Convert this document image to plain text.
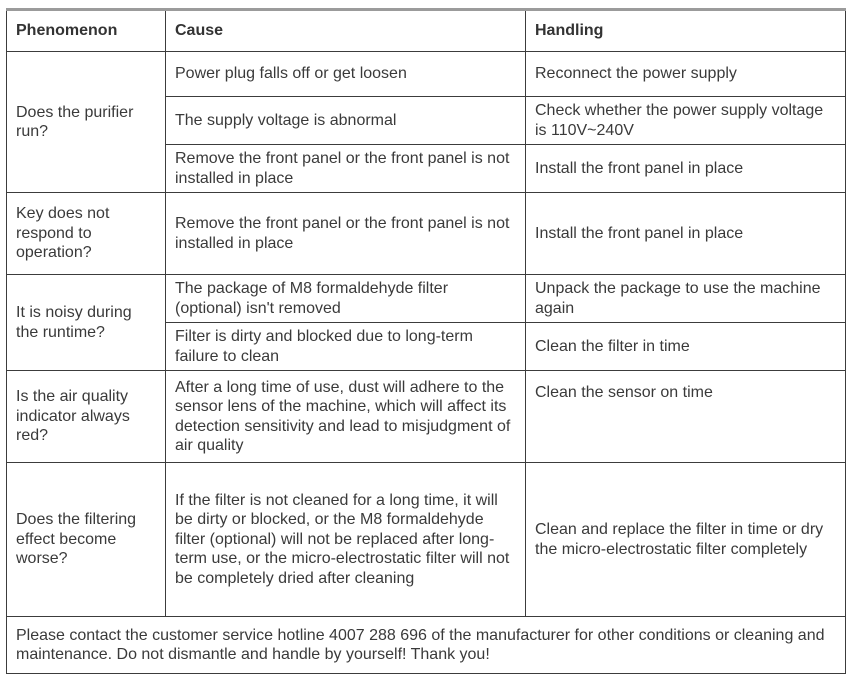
Phenomenon	Cause	Handling
Does the purifier run?	Power plug falls off or get loosen	Reconnect the power supply
	The supply voltage is abnormal	Check whether the power supply voltage is 110V~240V
	Remove the front panel or the front panel is not installed in place	Install the front panel in place
Key does not respond to operation?	Remove the front panel or the front panel is not installed in place	Install the front panel in place
It is noisy during the runtime?	The package of M8 formaldehyde filter (optional) isn't removed	Unpack the package to use the machine again
	Filter is dirty and blocked due to long-term failure to clean	Clean the filter in time
Is the air quality indicator always red?	After a long time of use, dust will adhere to the sensor lens of the machine, which will affect its detection sensitivity and lead to misjudgment of air quality	Clean the sensor on time
Does the filtering effect become worse?	If the filter is not cleaned for a long time, it will be dirty or blocked, or the M8 formaldehyde filter (optional) will not be replaced after long-term use, or the micro-electrostatic filter will not be completely dried after cleaning	Clean and replace the filter in time or dry the micro-electrostatic filter completely
Please contact the customer service hotline 4007 288 696 of the manufacturer for other conditions or cleaning and maintenance. Do not dismantle and handle by yourself! Thank you!		
